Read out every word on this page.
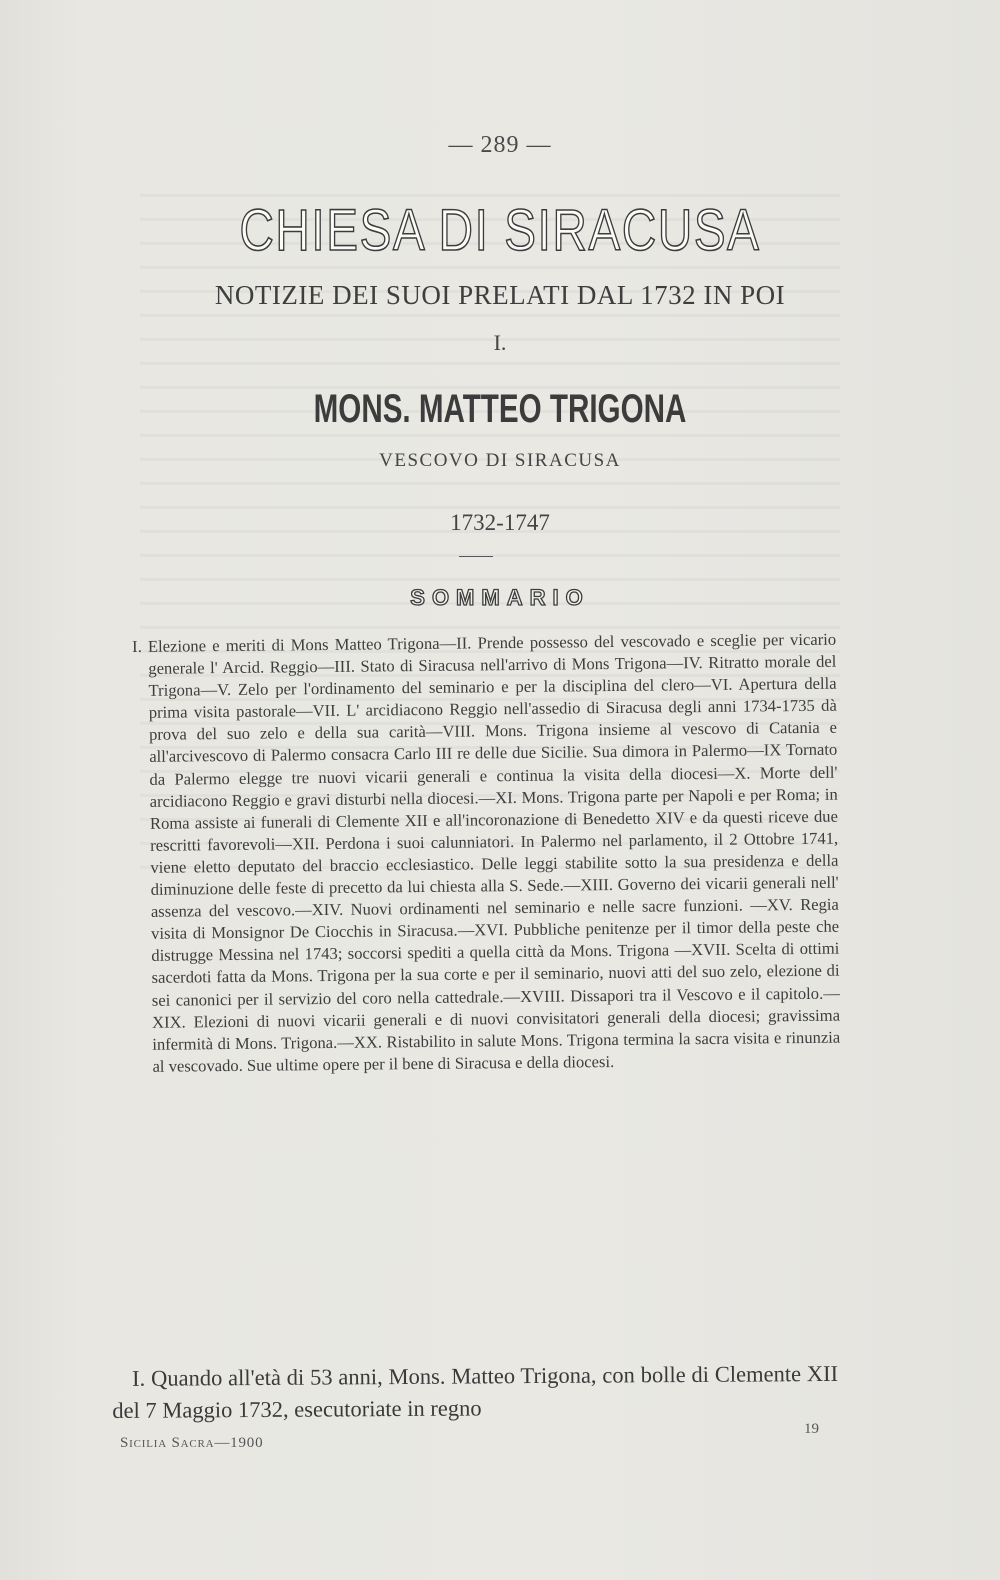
— 289 —
CHIESA DI SIRACUSA
NOTIZIE DEI SUOI PRELATI DAL 1732 IN POI
I.
MONS. MATTEO TRIGONA
VESCOVO DI SIRACUSA
1732-1747
SOMMARIO
I. Elezione e meriti di Mons Matteo Trigona—II. Prende possesso del vescovado e sceglie per vicario generale l' Arcid. Reggio—III. Stato di Siracusa nell'arrivo di Mons Trigona—IV. Ritratto morale del Trigona—V. Zelo per l'ordinamento del seminario e per la disciplina del clero—VI. Apertura della prima visita pastorale—VII. L' arcidiacono Reggio nell'assedio di Siracusa degli anni 1734-1735 dà prova del suo zelo e della sua carità—VIII. Mons. Trigona insieme al vescovo di Catania e all'arcivescovo di Palermo consacra Carlo III re delle due Sicilie. Sua dimora in Palermo—IX Tornato da Palermo elegge tre nuovi vicarii generali e continua la visita della diocesi—X. Morte dell' arcidiacono Reggio e gravi disturbi nella diocesi.—XI. Mons. Trigona parte per Napoli e per Roma; in Roma assiste ai funerali di Clemente XII e all'incoronazione di Benedetto XIV e da questi riceve due rescritti favorevoli—XII. Perdona i suoi calunniatori. In Palermo nel parlamento, il 2 Ottobre 1741, viene eletto deputato del braccio ecclesiastico. Delle leggi stabilite sotto la sua presidenza e della diminuzione delle feste di precetto da lui chiesta alla S. Sede.—XIII. Governo dei vicarii generali nell' assenza del vescovo.—XIV. Nuovi ordinamenti nel seminario e nelle sacre funzioni. —XV. Regia visita di Monsignor De Ciocchis in Siracusa.—XVI. Pubbliche penitenze per il timor della peste che distrugge Messina nel 1743; soccorsi spediti a quella città da Mons. Trigona —XVII. Scelta di ottimi sacerdoti fatta da Mons. Trigona per la sua corte e per il seminario, nuovi atti del suo zelo, elezione di sei canonici per il servizio del coro nella cattedrale.—XVIII. Dissapori tra il Vescovo e il capitolo.—XIX. Elezioni di nuovi vicarii generali e di nuovi convisitatori generali della diocesi; gravissima infermità di Mons. Trigona.—XX. Ristabilito in salute Mons. Trigona termina la sacra visita e rinunzia al vescovado. Sue ultime opere per il bene di Siracusa e della diocesi.
I. Quando all'età di 53 anni, Mons. Matteo Trigona, con bolle di Clemente XII del 7 Maggio 1732, esecutoriate in regno
Sicilia Sacra—1900
19
